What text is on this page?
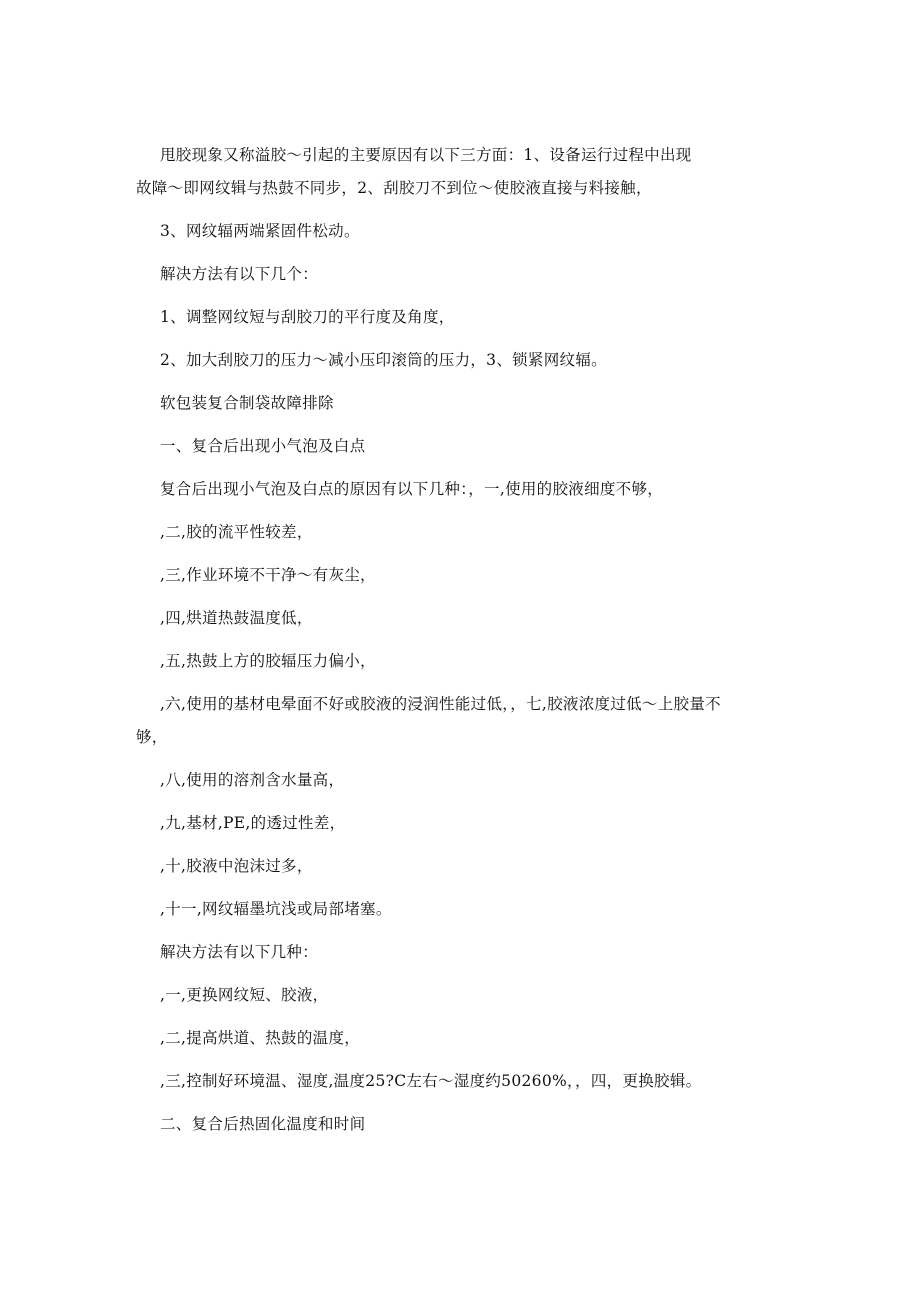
甩胶现象又称溢胶～引起的主要原因有以下三方面：1、设备运行过程中出现

故障～即网纹辑与热鼓不同步，2、刮胶刀不到位～使胶液直接与料接触，

3、网纹辐两端紧固件松动。

解决方法有以下几个：

1、调整网纹短与刮胶刀的平行度及角度，

2、加大刮胶刀的压力～减小压印滚筒的压力，3、锁紧网纹辐。

软包装复合制袋故障排除

一、复合后出现小气泡及白点

复合后出现小气泡及白点的原因有以下几种：，一,使用的胶液细度不够，

,二,胶的流平性较差，

,三,作业环境不干净～有灰尘，

,四,烘道热鼓温度低，

,五,热鼓上方的胶辐压力偏小，

,六,使用的基材电晕面不好或胶液的浸润性能过低，，七,胶液浓度过低～上胶量不

够，

,八,使用的溶剂含水量高，

,九,基材,PE,的透过性差，

,十,胶液中泡沫过多，

,十一,网纹辐墨坑浅或局部堵塞。

解决方法有以下几种：

,一,更换网纹短、胶液，

,二,提高烘道、热鼓的温度，

,三,控制好环境温、湿度,温度25?C左右～湿度约50260%，，四，更换胶辑。

二、复合后热固化温度和时间
